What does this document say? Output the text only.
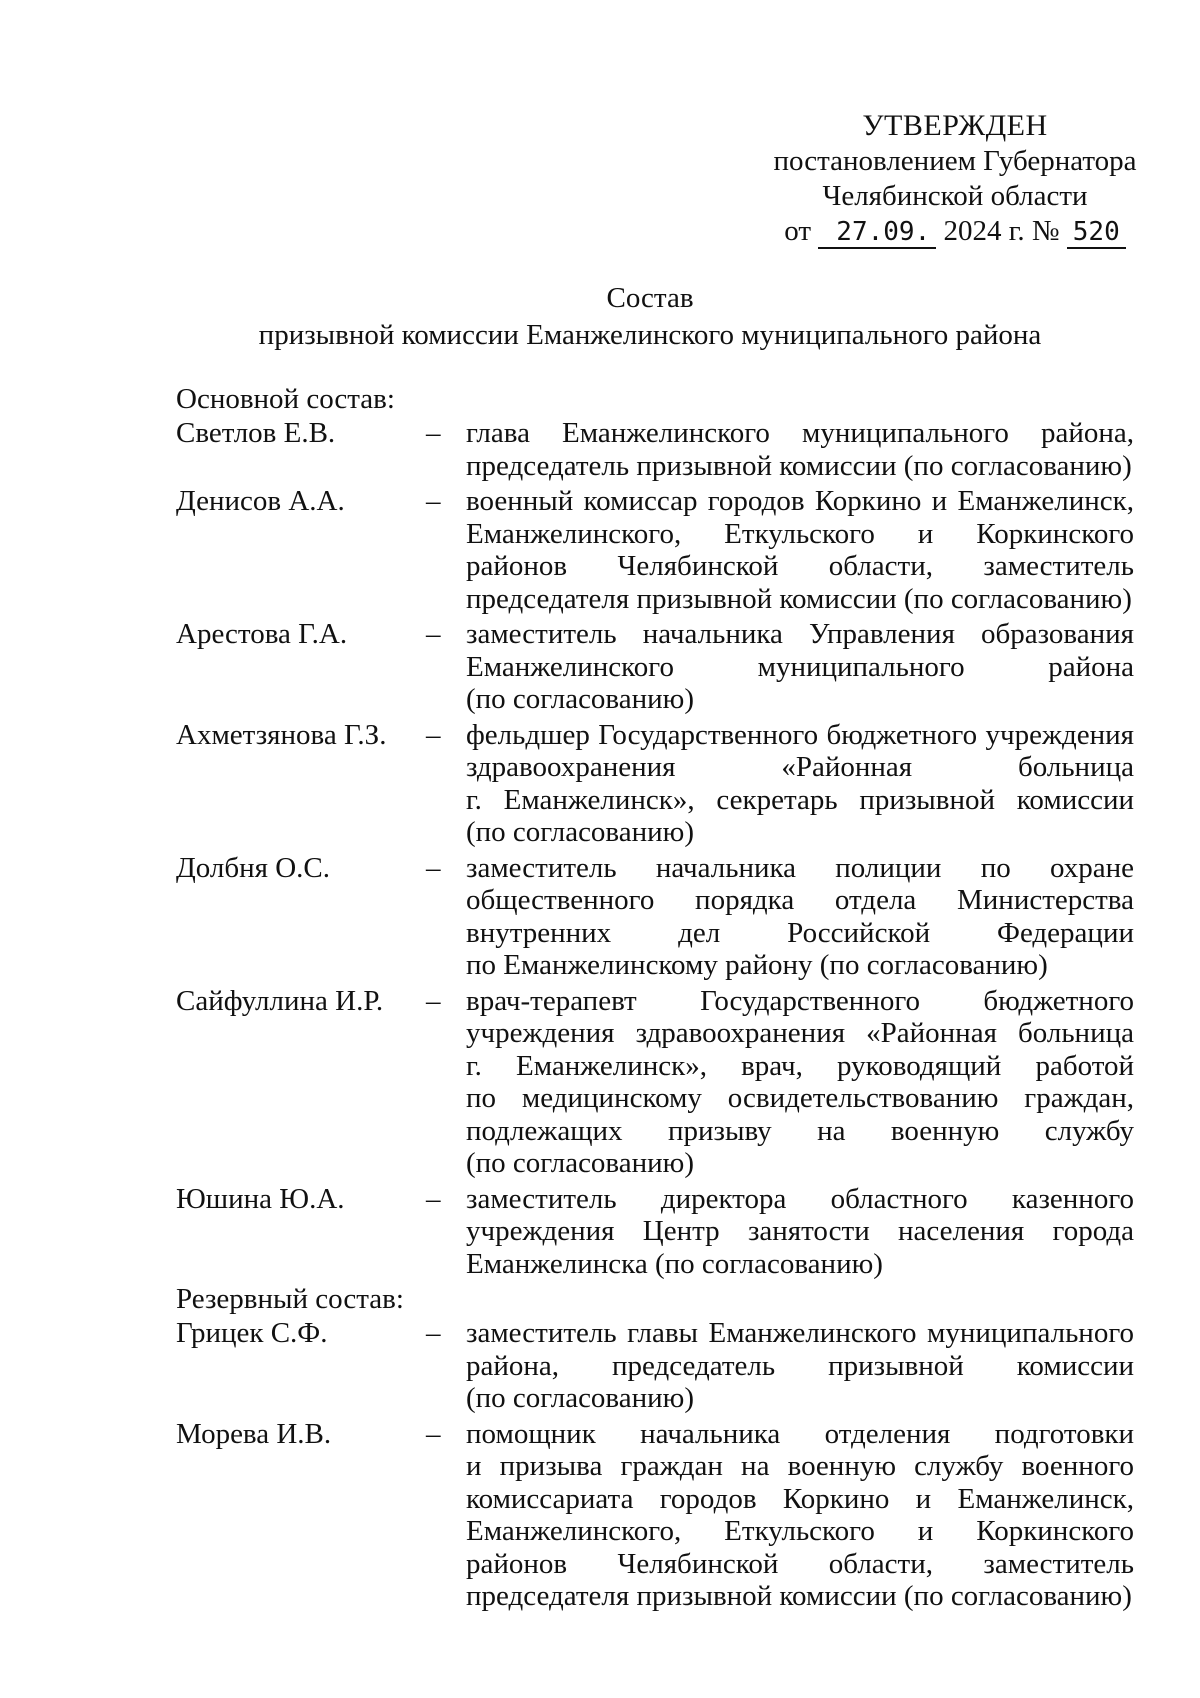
УТВЕРЖДЕН
постановлением Губернатора
Челябинской области
от 27.09. 2024 г. № 520
Состав
призывной комиссии Еманжелинского муниципального района
Основной состав:
Светлов Е.В.	– глава Еманжелинского муниципального района,
председатель призывной комиссии (по согласованию)
Денисов А.А.	– военный комиссар городов Коркино и Еманжелинск,
Еманжелинского, Еткульского и Коркинского
районов Челябинской области, заместитель
председателя призывной комиссии (по согласованию)
Арестова Г.А.	– заместитель начальника Управления образования
Еманжелинского муниципального района
(по согласованию)
Ахметзянова Г.З.	– фельдшер Государственного бюджетного учреждения
здравоохранения «Районная больница
г. Еманжелинск», секретарь призывной комиссии
(по согласованию)
Долбня О.С.	– заместитель начальника полиции по охране
общественного порядка отдела Министерства
внутренних дел Российской Федерации
по Еманжелинскому району (по согласованию)
Сайфуллина И.Р.	– врач-терапевт Государственного бюджетного
учреждения здравоохранения «Районная больница
г. Еманжелинск», врач, руководящий работой
по медицинскому освидетельствованию граждан,
подлежащих призыву на военную службу
(по согласованию)
Юшина Ю.А.	– заместитель директора областного казенного
учреждения Центр занятости населения города
Еманжелинска (по согласованию)
Резервный состав:
Грицек С.Ф.	– заместитель главы Еманжелинского муниципального
района, председатель призывной комиссии
(по согласованию)
Морева И.В.	– помощник начальника отделения подготовки
и призыва граждан на военную службу военного
комиссариата городов Коркино и Еманжелинск,
Еманжелинского, Еткульского и Коркинского
районов Челябинской области, заместитель
председателя призывной комиссии (по согласованию)
